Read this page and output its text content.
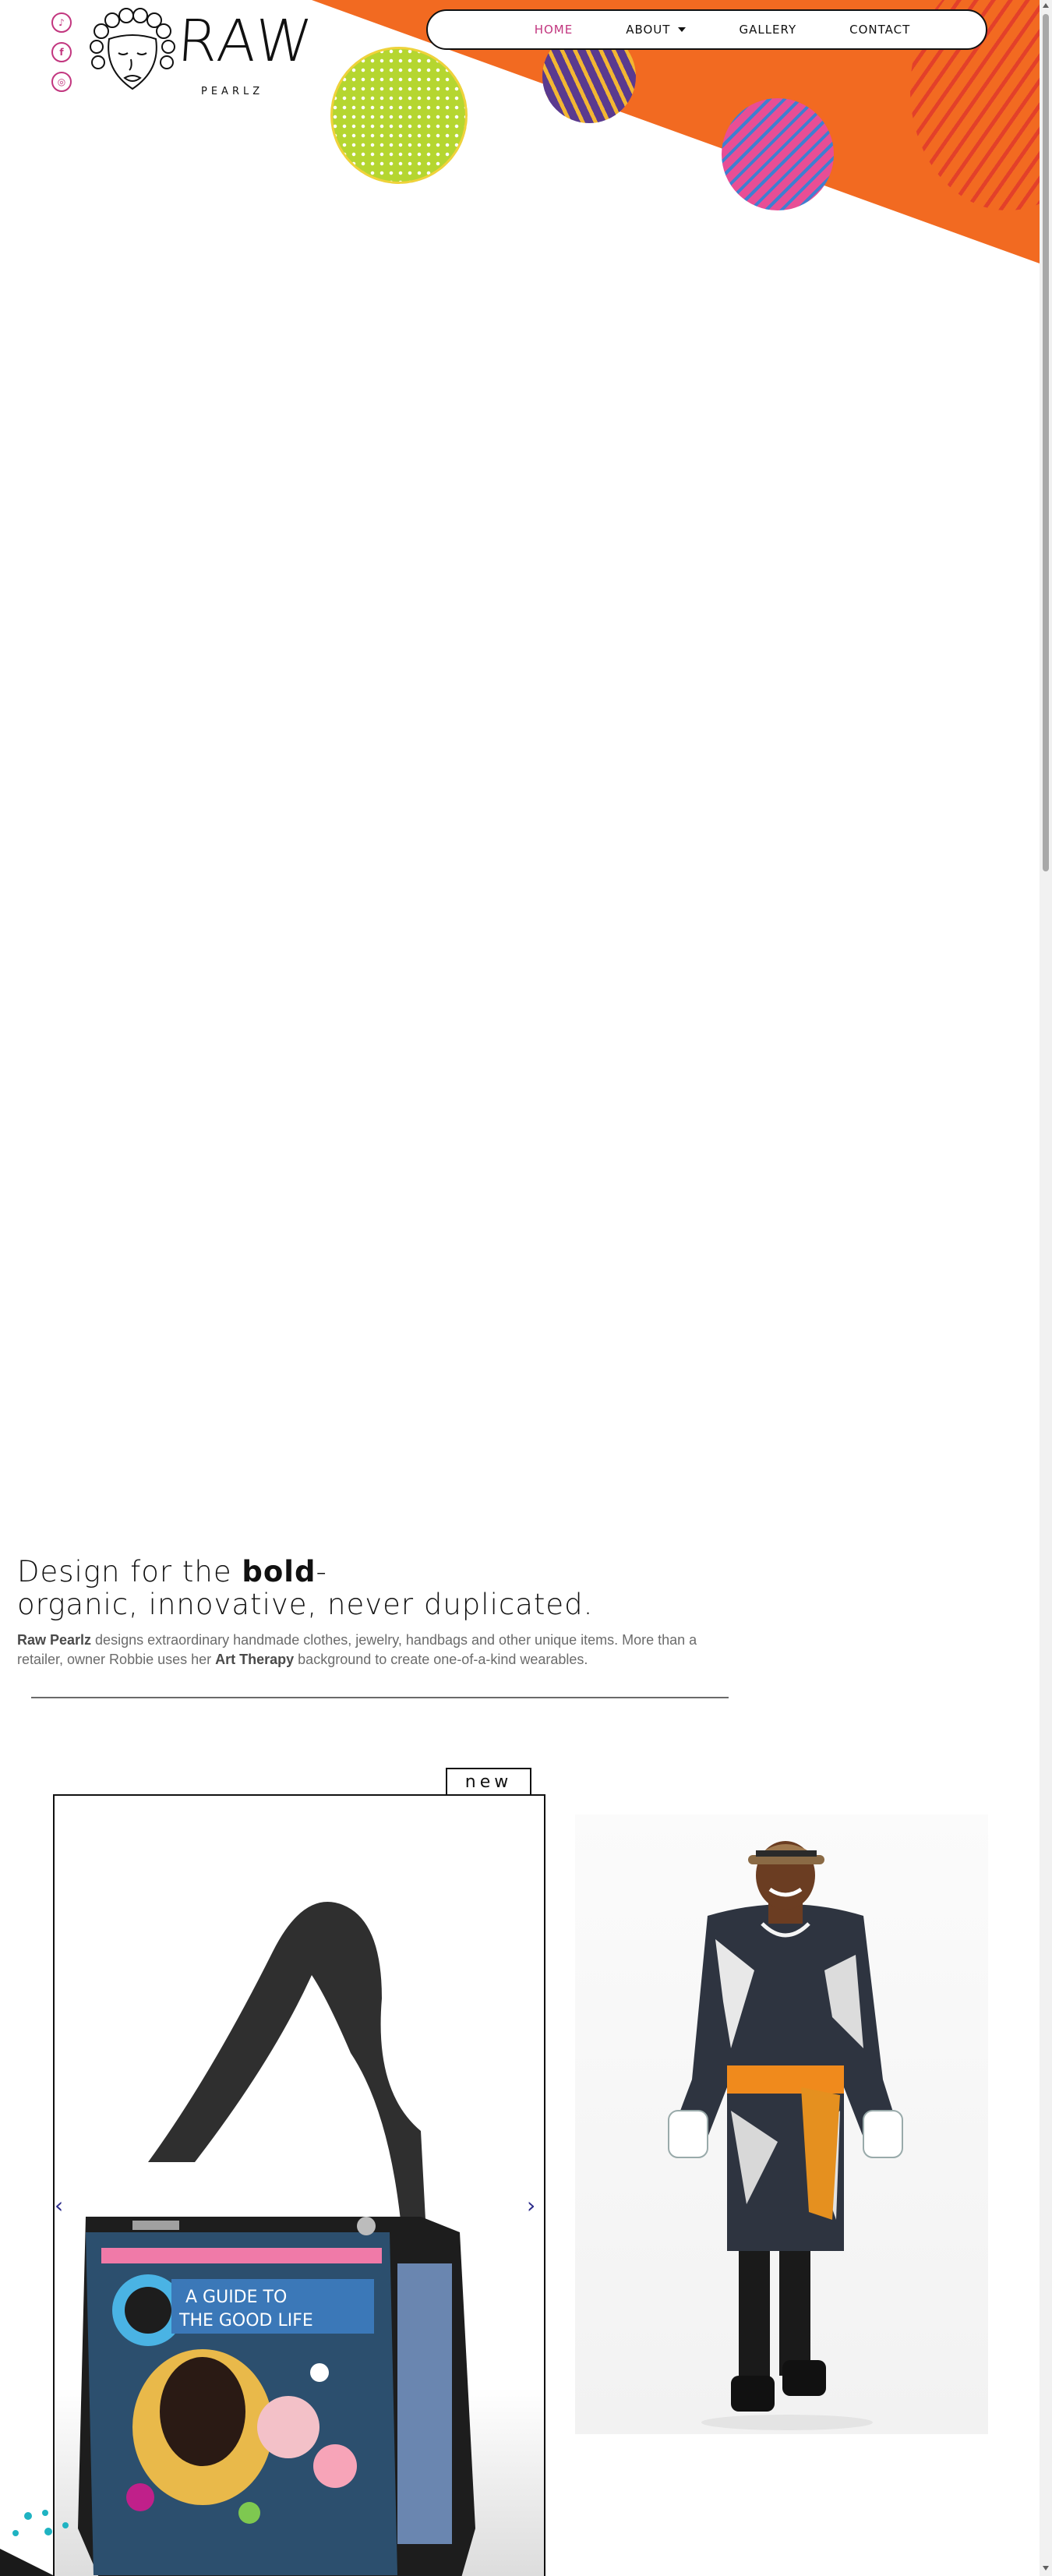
♪
f
◎
RAW
PEARLZ
HOME	ABOUT	GALLERY	CONTACT
Design for the bold-
organic, innovative, never duplicated.

Raw Pearlz designs extraordinary handmade clothes, jewelry, handbags and other unique items. More than a retailer, owner Robbie uses her Art Therapy background to create one-of-a-kind wearables.

new
A GUIDE TO
THE GOOD LIFE
‹	›
